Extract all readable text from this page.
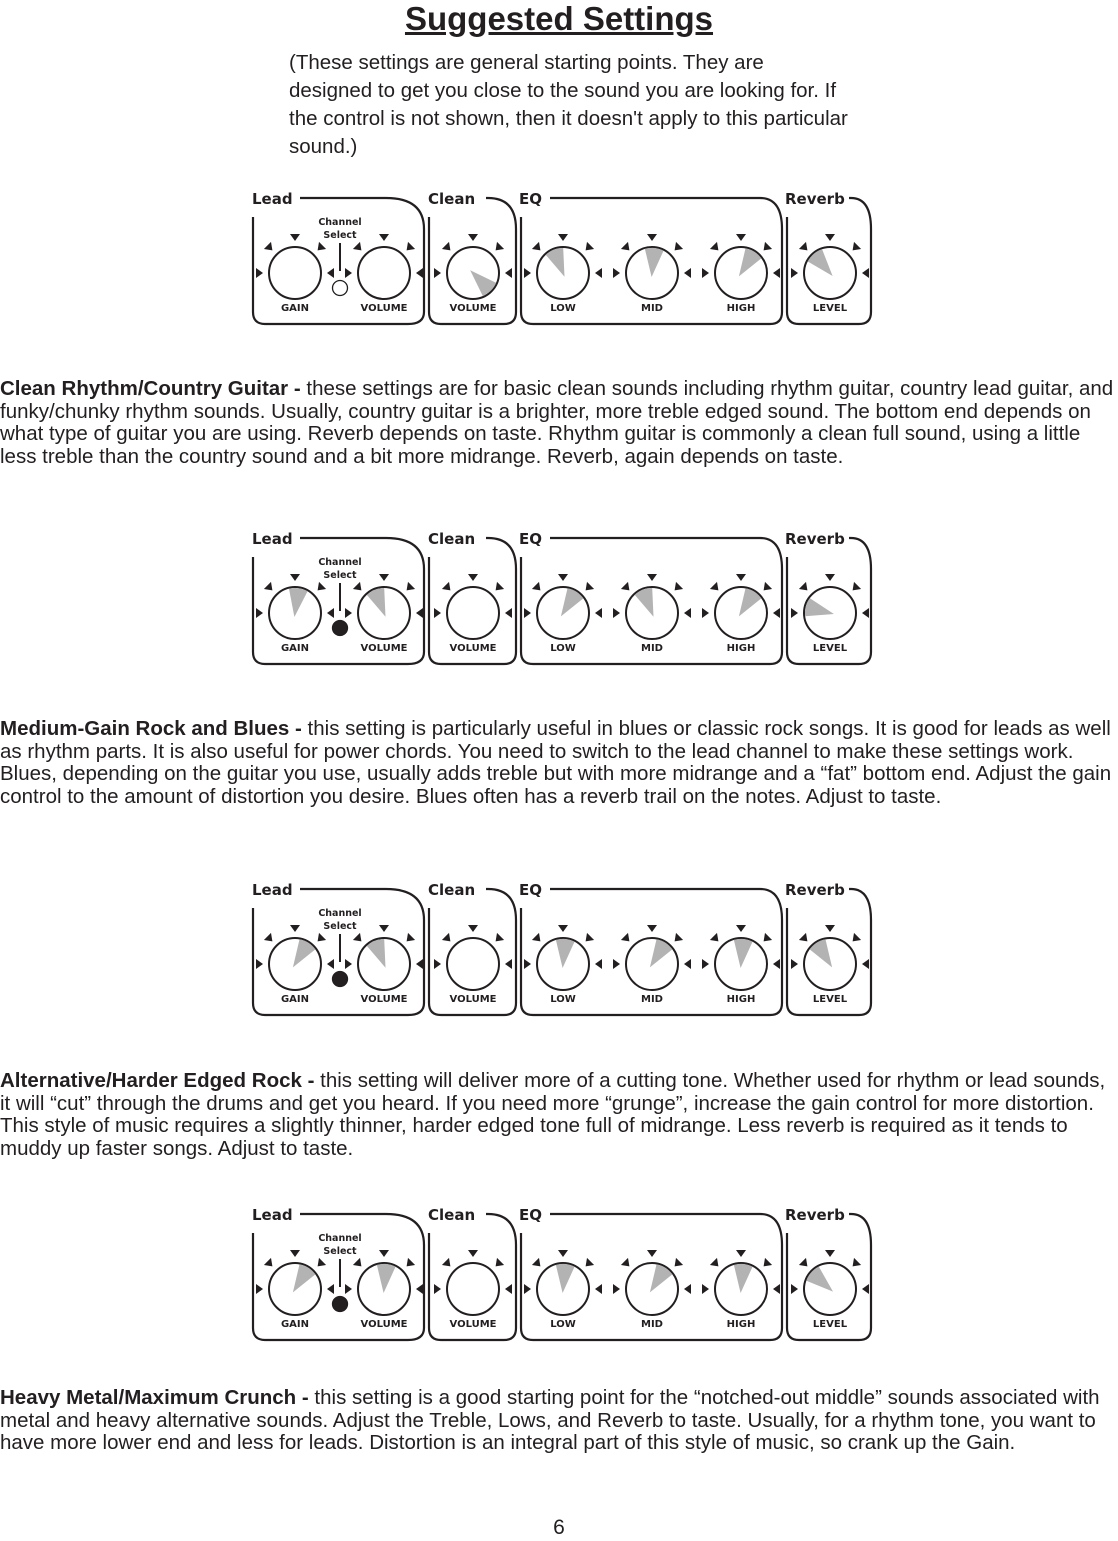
Suggested Settings

(These settings are general starting points. They are designed to get you close to the sound you are looking for. If the control is not shown, then it doesn't apply to this particular sound.)

Lead	Clean	EQ	Reverb
Channel
Select
GAIN	VOLUME	VOLUME	LOW	MID	HIGH	LEVEL
Lead	Clean	EQ	Reverb
Channel
Select
GAIN	VOLUME	VOLUME	LOW	MID	HIGH	LEVEL
Lead	Clean	EQ	Reverb
Channel
Select
GAIN	VOLUME	VOLUME	LOW	MID	HIGH	LEVEL
Lead	Clean	EQ	Reverb
Channel
Select
GAIN	VOLUME	VOLUME	LOW	MID	HIGH	LEVEL

Clean Rhythm/Country Guitar - these settings are for basic clean sounds including rhythm guitar, country lead guitar, and funky/chunky rhythm sounds. Usually, country guitar is a brighter, more treble edged sound. The bottom end depends on what type of guitar you are using. Reverb depends on taste. Rhythm guitar is commonly a clean full sound, using a little less treble than the country sound and a bit more midrange. Reverb, again depends on taste.

Medium-Gain Rock and Blues - this setting is particularly useful in blues or classic rock songs. It is good for leads as well as rhythm parts. It is also useful for power chords. You need to switch to the lead channel to make these settings work. Blues, depending on the guitar you use, usually adds treble but with more midrange and a “fat” bottom end. Adjust the gain control to the amount of distortion you desire. Blues often has a reverb trail on the notes. Adjust to taste.

Alternative/Harder Edged Rock - this setting will deliver more of a cutting tone. Whether used for rhythm or lead sounds, it will “cut” through the drums and get you heard. If you need more “grunge”, increase the gain control for more distortion. This style of music requires a slightly thinner, harder edged tone full of midrange. Less reverb is required as it tends to muddy up faster songs. Adjust to taste.

Heavy Metal/Maximum Crunch - this setting is a good starting point for the “notched-out middle” sounds associated with metal and heavy alternative sounds. Adjust the Treble, Lows, and Reverb to taste. Usually, for a rhythm tone, you want to have more lower end and less for leads. Distortion is an integral part of this style of music, so crank up the Gain.

6
